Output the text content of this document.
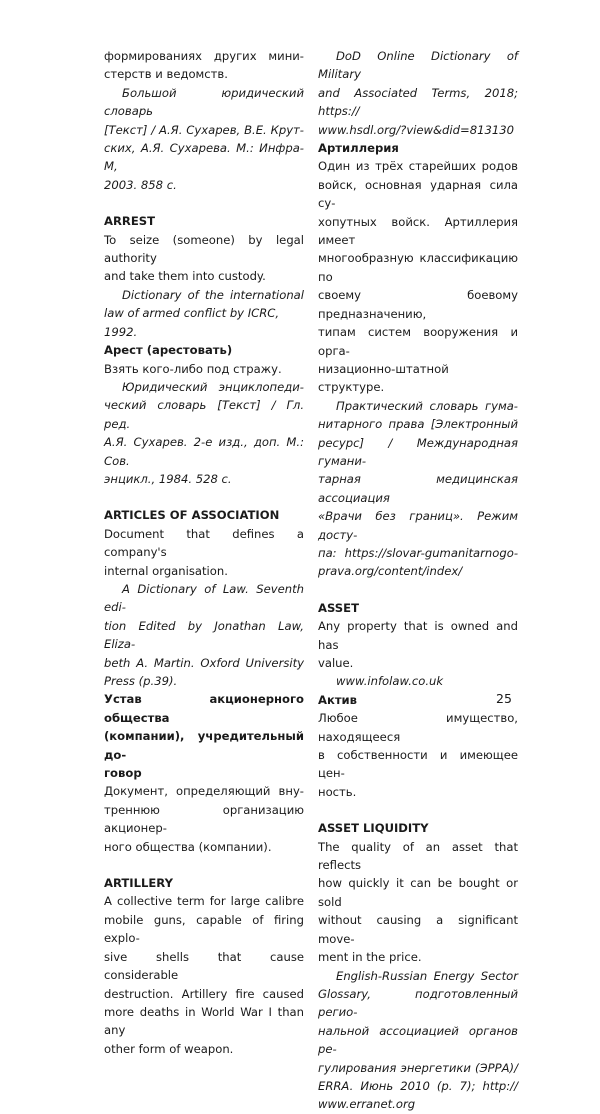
формированиях других мини-
стерств и ведомств.
Большой юридический словарь
[Текст] / А.Я. Сухарев, В.Е. Крут-
ских, А.Я. Сухарева. М.: Инфра-М,
2003. 858 с.
ARREST
To seize (someone) by legal authority
and take them into custody.
Dictionary of the international
law of armed conflict by ICRC, 1992.
Арест (арестовать)
Взять кого-либо под стражу.
Юридический энциклопеди-
ческий словарь [Текст] / Гл. ред.
А.Я. Сухарев. 2-е изд., доп. М.: Сов.
энцикл., 1984. 528 с.
ARTICLES OF ASSOCIATION
Document that defines a company's
internal organisation.
A Dictionary of Law. Seventh edi-
tion Edited by Jonathan Law, Eliza-
beth A. Martin. Oxford University
Press (p.39).
Устав акционерного общества
(компании), учредительный до-
говор
Документ, определяющий вну-
треннюю организацию акционер-
ного общества (компании).
ARTILLERY
A collective term for large calibre
mobile guns, capable of firing explo-
sive shells that cause considerable
destruction. Artillery fire caused
more deaths in World War I than any
other form of weapon.
DoD Online Dictionary of Military
and Associated Terms, 2018; https://
www.hsdl.org/?view&did=813130
Артиллерия
Один из трёх старейших родов
войск, основная ударная сила су-
хопутных войск. Артиллерия имеет
многообразную классификацию по
своему боевому предназначению,
типам систем вооружения и орга-
низационно-штатной структуре.
Практический словарь гума-
нитарного права [Электронный
ресурс] / Международная гумани-
тарная медицинская ассоциация
«Врачи без границ». Режим досту-
па: https://slovar-gumanitarnogo-
prava.org/content/index/
ASSET
Any property that is owned and has
value.
www.infolaw.co.uk
Актив
Любое имущество, находящееся
в собственности и имеющее цен-
ность.
ASSET LIQUIDITY
The quality of an asset that reflects
how quickly it can be bought or sold
without causing a significant move-
ment in the price.
English-Russian Energy Sector
Glossary, подготовленный регио-
нальной ассоциацией органов ре-
гулирования энергетики (ЭРРА)/
ERRA. Июнь 2010 (p. 7); http://
www.erranet.org
25
